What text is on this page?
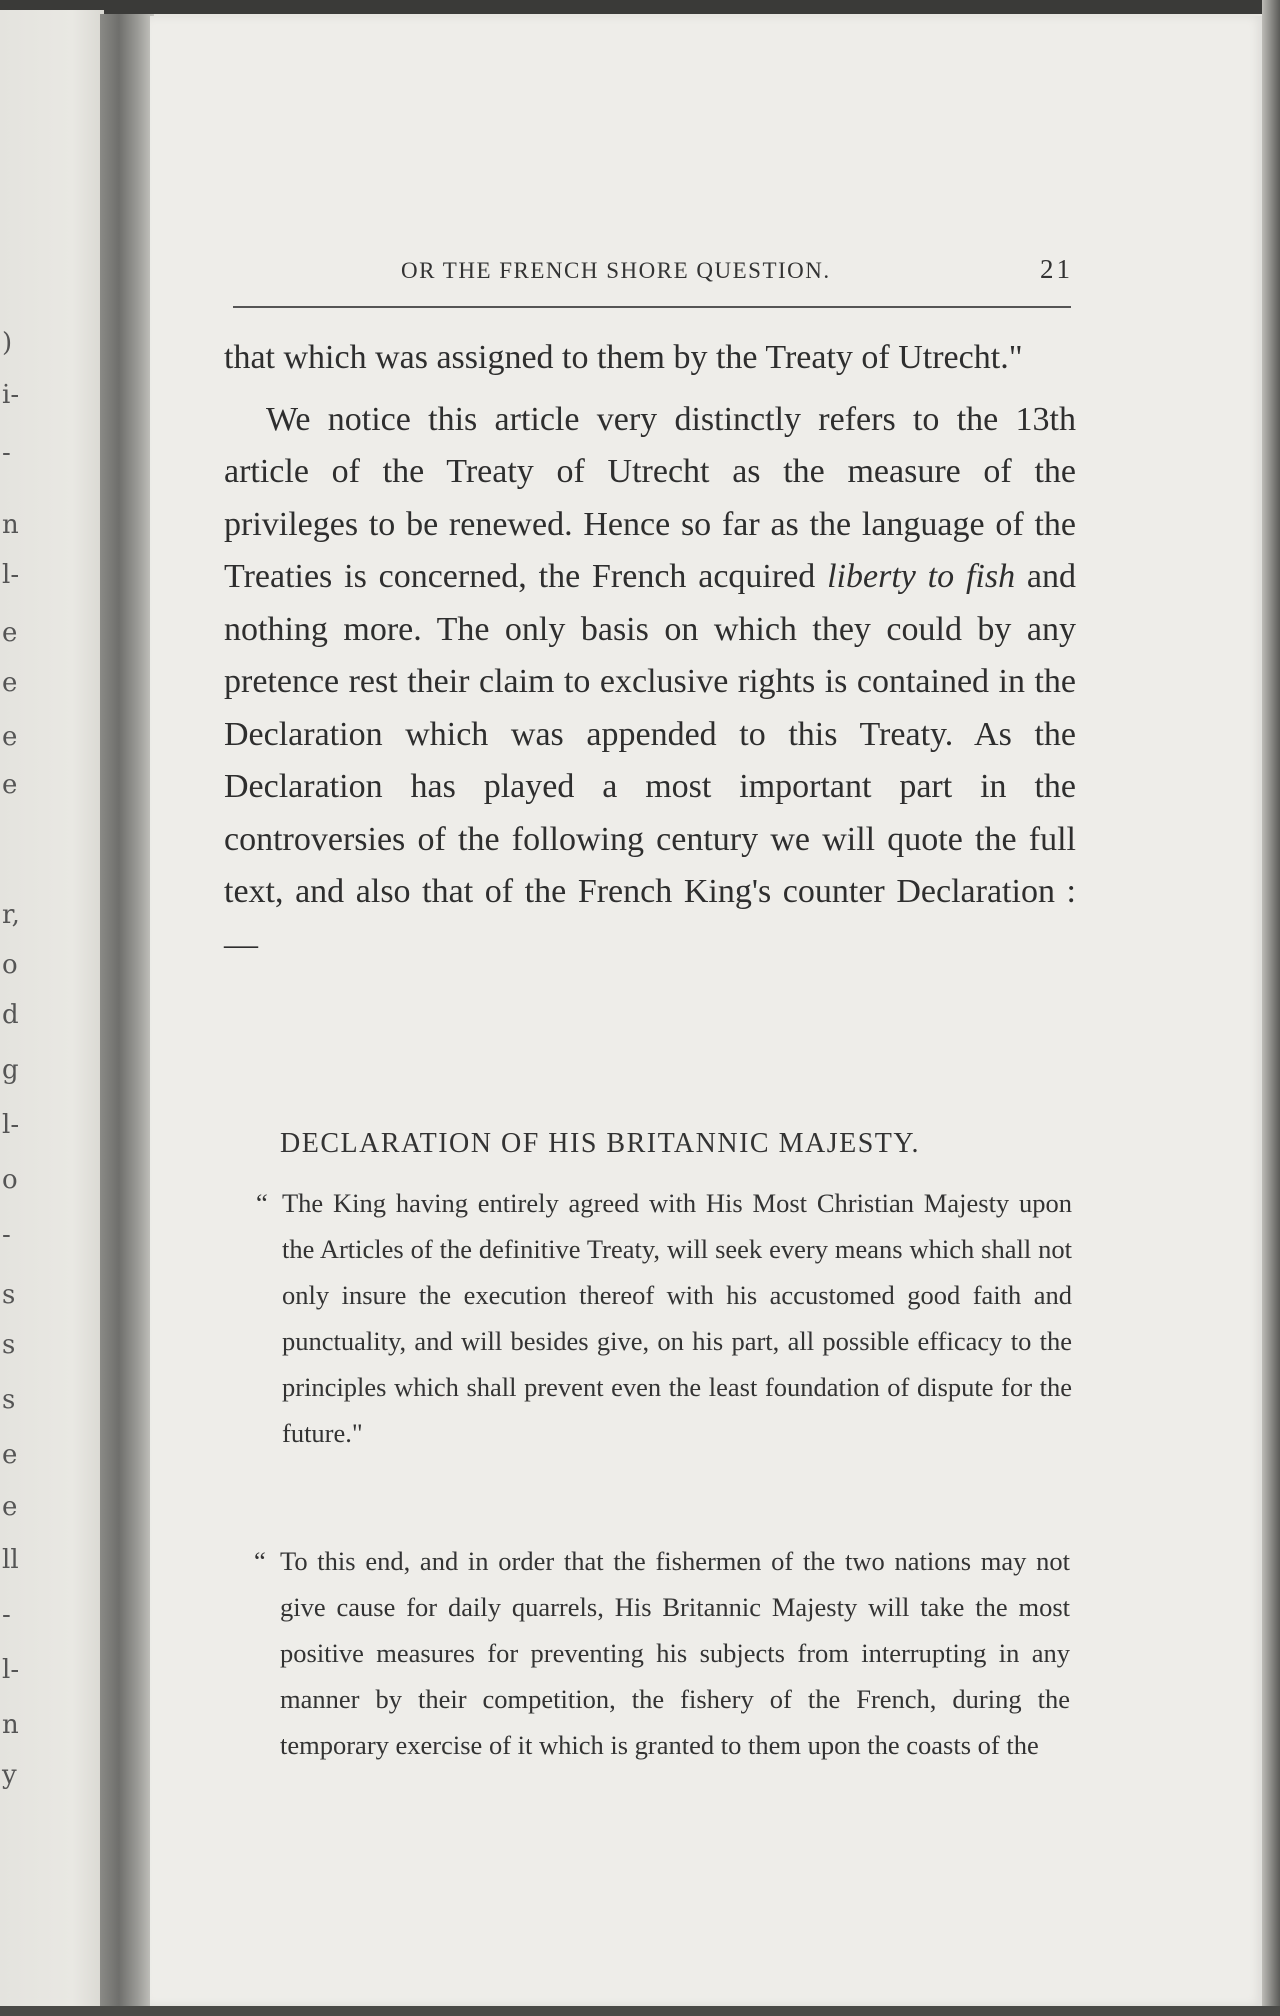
)
i-
-
n
l-
e
e
e
e
r,
o
d
g
l-
o
-
s
s
s
e
e
ll
-
l-
n
y
OR THE FRENCH SHORE QUESTION.	21

that which was assigned to them by the Treaty of Utrecht."

We notice this article very distinctly refers to the 13th article of the Treaty of Utrecht as the measure of the privileges to be renewed. Hence so far as the language of the Treaties is concerned, the French acquired liberty to fish and nothing more. The only basis on which they could by any pretence rest their claim to exclusive rights is contained in the Declaration which was appended to this Treaty. As the Declaration has played a most important part in the controversies of the following century we will quote the full text, and also that of the French King's counter Declaration :—

DECLARATION OF HIS BRITANNIC MAJESTY.
“ The King having entirely agreed with His Most Christian Majesty upon the Articles of the definitive Treaty, will seek every means which shall not only insure the execution thereof with his accustomed good faith and punctuality, and will besides give, on his part, all possible efficacy to the principles which shall prevent even the least foundation of dispute for the future."
“ To this end, and in order that the fishermen of the two nations may not give cause for daily quarrels, His Britannic Majesty will take the most positive measures for preventing his subjects from interrupting in any manner by their competition, the fishery of the French, during the temporary exercise of it which is granted to them upon the coasts of the
